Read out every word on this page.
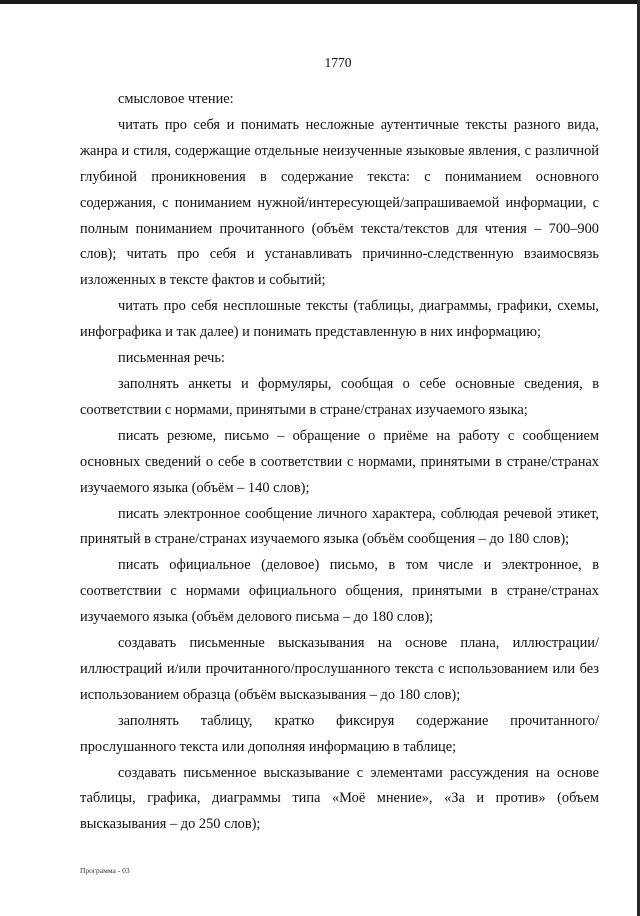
1770

смысловое чтение:

читать про себя и понимать несложные аутентичные тексты разного вида, жанра и стиля, содержащие отдельные неизученные языковые явления, с различной глубиной проникновения в содержание текста: с пониманием основного содержания, с пониманием нужной/интересующей/запрашиваемой информации, с полным пониманием прочитанного (объём текста/текстов для чтения – 700–900 слов); читать про себя и устанавливать причинно-следственную взаимосвязь изложенных в тексте фактов и событий;

читать про себя несплошные тексты (таблицы, диаграммы, графики, схемы, инфографика и так далее) и понимать представленную в них информацию;

письменная речь:

заполнять анкеты и формуляры, сообщая о себе основные сведения, в соответствии с нормами, принятыми в стране/странах изучаемого языка;

писать резюме, письмо – обращение о приёме на работу с сообщением основных сведений о себе в соответствии с нормами, принятыми в стране/странах изучаемого языка (объём – 140 слов);

писать электронное сообщение личного характера, соблюдая речевой этикет, принятый в стране/странах изучаемого языка (объём сообщения – до 180 слов);

писать официальное (деловое) письмо, в том числе и электронное, в соответствии с нормами официального общения, принятыми в стране/странах изучаемого языка (объём делового письма – до 180 слов);

создавать письменные высказывания на основе плана, иллюстрации/иллюстраций и/или прочитанного/прослушанного текста с использованием или без использованием образца (объём высказывания – до 180 слов);

заполнять таблицу, кратко фиксируя содержание прочитанного/прослушанного текста или дополняя информацию в таблице;

создавать письменное высказывание с элементами рассуждения на основе таблицы, графика, диаграммы типа «Моё мнение», «За и против» (объем высказывания – до 250 слов);

Программа - 03
